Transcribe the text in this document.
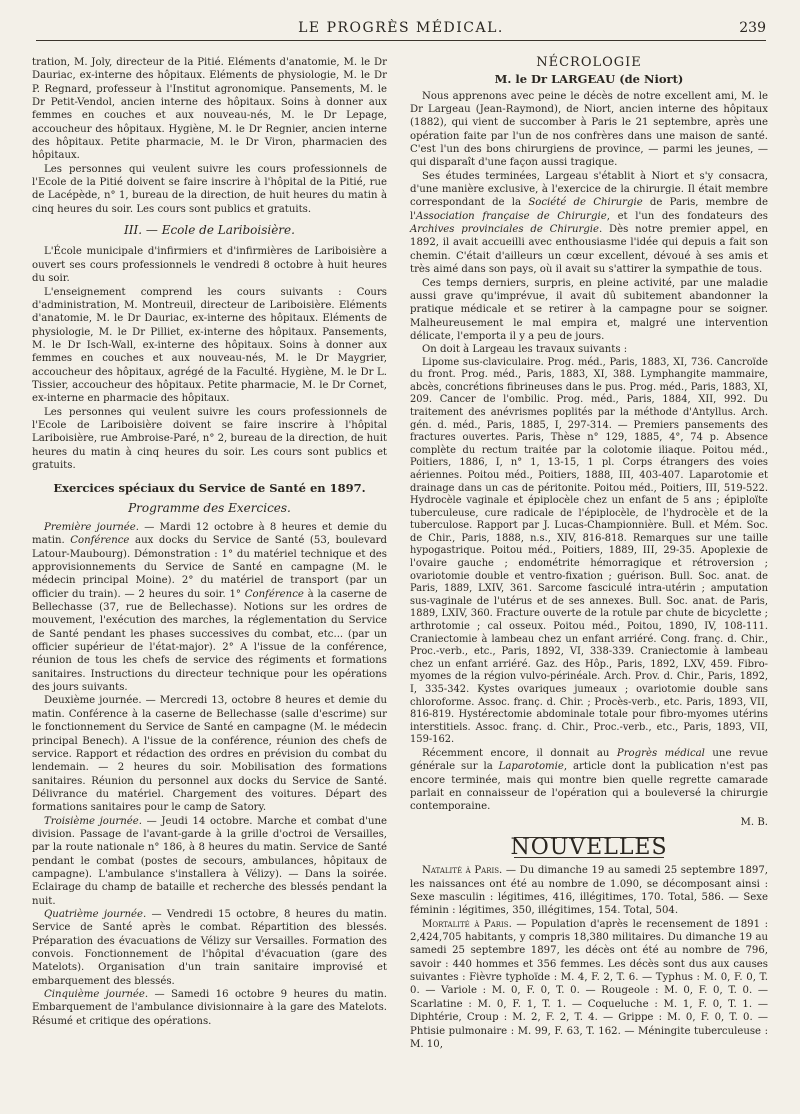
LE PROGRÈS MÉDICAL.	239

tration, M. Joly, directeur de la Pitié. Eléments d'anatomie, M. le Dr Dauriac, ex-interne des hôpitaux. Eléments de physiologie, M. le Dr P. Regnard, professeur à l'Institut agronomique. Pansements, M. le Dr Petit-Vendol, ancien interne des hôpitaux. Soins à donner aux femmes en couches et aux nouveau-nés, M. le Dr Lepage, accoucheur des hôpitaux. Hygiène, M. le Dr Regnier, ancien interne des hôpitaux. Petite pharmacie, M. le Dr Viron, pharmacien des hôpitaux.

Les personnes qui veulent suivre les cours professionnels de l'Ecole de la Pitié doivent se faire inscrire à l'hôpital de la Pitié, rue de Lacépède, n° 1, bureau de la direction, de huit heures du matin à cinq heures du soir. Les cours sont publics et gratuits.

III. — Ecole de Lariboisière.

L'École municipale d'infirmiers et d'infirmières de Lariboisière a ouvert ses cours professionnels le vendredi 8 octobre à huit heures du soir.

L'enseignement comprend les cours suivants : Cours d'administration, M. Montreuil, directeur de Lariboisière. Eléments d'anatomie, M. le Dr Dauriac, ex-interne des hôpitaux. Eléments de physiologie, M. le Dr Pilliet, ex-interne des hôpitaux. Pansements, M. le Dr Isch-Wall, ex-interne des hôpitaux. Soins à donner aux femmes en couches et aux nouveau-nés, M. le Dr Maygrier, accoucheur des hôpitaux, agrégé de la Faculté. Hygiène, M. le Dr L. Tissier, accoucheur des hôpitaux. Petite pharmacie, M. le Dr Cornet, ex-interne en pharmacie des hôpitaux.

Les personnes qui veulent suivre les cours professionnels de l'Ecole de Lariboisière doivent se faire inscrire à l'hôpital Lariboisière, rue Ambroise-Paré, n° 2, bureau de la direction, de huit heures du matin à cinq heures du soir. Les cours sont publics et gratuits.

Exercices spéciaux du Service de Santé en 1897.

Programme des Exercices.

Première journée. — Mardi 12 octobre à 8 heures et demie du matin. Conférence aux docks du Service de Santé (53, boulevard Latour-Maubourg). Démonstration : 1° du matériel technique et des approvisionnements du Service de Santé en campagne (M. le médecin principal Moine). 2° du matériel de transport (par un officier du train). — 2 heures du soir. 1° Conférence à la caserne de Bellechasse (37, rue de Bellechasse). Notions sur les ordres de mouvement, l'exécution des marches, la réglementation du Service de Santé pendant les phases successives du combat, etc... (par un officier supérieur de l'état-major). 2° A l'issue de la conférence, réunion de tous les chefs de service des régiments et formations sanitaires. Instructions du directeur technique pour les opérations des jours suivants.

Deuxième journée. — Mercredi 13, octobre 8 heures et demie du matin. Conférence à la caserne de Bellechasse (salle d'escrime) sur le fonctionnement du Service de Santé en campagne (M. le médecin principal Benech). A l'issue de la conférence, réunion des chefs de service. Rapport et rédaction des ordres en prévision du combat du lendemain. — 2 heures du soir. Mobilisation des formations sanitaires. Réunion du personnel aux docks du Service de Santé. Délivrance du matériel. Chargement des voitures. Départ des formations sanitaires pour le camp de Satory.

Troisième journée. — Jeudi 14 octobre. Marche et combat d'une division. Passage de l'avant-garde à la grille d'octroi de Versailles, par la route nationale n° 186, à 8 heures du matin. Service de Santé pendant le combat (postes de secours, ambulances, hôpitaux de campagne). L'ambulance s'installera à Vélizy). — Dans la soirée. Eclairage du champ de bataille et recherche des blessés pendant la nuit.

Quatrième journée. — Vendredi 15 octobre, 8 heures du matin. Service de Santé après le combat. Répartition des blessés. Préparation des évacuations de Vélizy sur Versailles. Formation des convois. Fonctionnement de l'hôpital d'évacuation (gare des Matelots). Organisation d'un train sanitaire improvisé et embarquement des blessés.

Cinquième journée. — Samedi 16 octobre 9 heures du matin. Embarquement de l'ambulance divisionnaire à la gare des Matelots. Résumé et critique des opérations.

NÉCROLOGIE

M. le Dr LARGEAU (de Niort)

Nous apprenons avec peine le décès de notre excellent ami, M. le Dr Largeau (Jean-Raymond), de Niort, ancien interne des hôpitaux (1882), qui vient de succomber à Paris le 21 septembre, après une opération faite par l'un de nos confrères dans une maison de santé. C'est l'un des bons chirurgiens de province, — parmi les jeunes, — qui disparaît d'une façon aussi tragique.

Ses études terminées, Largeau s'établit à Niort et s'y consacra, d'une manière exclusive, à l'exercice de la chirurgie. Il était membre correspondant de la Société de Chirurgie de Paris, membre de l'Association française de Chirurgie, et l'un des fondateurs des Archives provinciales de Chirurgie. Dès notre premier appel, en 1892, il avait accueilli avec enthousiasme l'idée qui depuis a fait son chemin. C'était d'ailleurs un cœur excellent, dévoué à ses amis et très aimé dans son pays, où il avait su s'attirer la sympathie de tous.

Ces temps derniers, surpris, en pleine activité, par une maladie aussi grave qu'imprévue, il avait dû subitement abandonner la pratique médicale et se retirer à la campagne pour se soigner. Malheureusement le mal empira et, malgré une intervention délicate, l'emporta il y a peu de jours.

On doit à Largeau les travaux suivants :

Lipome sus-claviculaire. Prog. méd., Paris, 1883, XI, 736. Cancroïde du front. Prog. méd., Paris, 1883, XI, 388. Lymphangite mammaire, abcès, concrétions fibrineuses dans le pus. Prog. méd., Paris, 1883, XI, 209. Cancer de l'ombilic. Prog. méd., Paris, 1884, XII, 992. Du traitement des anévrismes poplités par la méthode d'Antyllus. Arch. gén. d. méd., Paris, 1885, I, 297-314. — Premiers pansements des fractures ouvertes. Paris, Thèse n° 129, 1885, 4°, 74 p. Absence complète du rectum traitée par la colotomie iliaque. Poitou méd., Poitiers, 1886, I, n° 1, 13-15, 1 pl. Corps étrangers des voies aériennes. Poitou méd., Poitiers, 1888, III, 403-407. Laparotomie et drainage dans un cas de péritonite. Poitou méd., Poitiers, III, 519-522. Hydrocèle vaginale et épiplocèle chez un enfant de 5 ans ; épiploïte tuberculeuse, cure radicale de l'épiplocèle, de l'hydrocèle et de la tuberculose. Rapport par J. Lucas-Championnière. Bull. et Mém. Soc. de Chir., Paris, 1888, n.s., XIV, 816-818. Remarques sur une taille hypogastrique. Poitou méd., Poitiers, 1889, III, 29-35. Apoplexie de l'ovaire gauche ; endométrite hémorragique et rétroversion ; ovariotomie double et ventro-fixation ; guérison. Bull. Soc. anat. de Paris, 1889, LXIV, 361. Sarcome fasciculé intra-utérin ; amputation sus-vaginale de l'utérus et de ses annexes. Bull. Soc. anat. de Paris, 1889, LXIV, 360. Fracture ouverte de la rotule par chute de bicyclette ; arthrotomie ; cal osseux. Poitou méd., Poitou, 1890, IV, 108-111. Craniectomie à lambeau chez un enfant arriéré. Cong. franç. d. Chir., Proc.-verb., etc., Paris, 1892, VI, 338-339. Craniectomie à lambeau chez un enfant arriéré. Gaz. des Hôp., Paris, 1892, LXV, 459. Fibro-myomes de la région vulvo-périnéale. Arch. Prov. d. Chir., Paris, 1892, I, 335-342. Kystes ovariques jumeaux ; ovariotomie double sans chloroforme. Assoc. franç. d. Chir. ; Procès-verb., etc. Paris, 1893, VII, 816-819. Hystérectomie abdominale totale pour fibro-myomes utérins interstitiels. Assoc. franç. d. Chir., Proc.-verb., etc., Paris, 1893, VII, 159-162.

Récemment encore, il donnait au Progrès médical une revue générale sur la Laparotomie, article dont la publication n'est pas encore terminée, mais qui montre bien quelle regrette camarade parlait en connaisseur de l'opération qui a bouleversé la chirurgie contemporaine.

M. B.

NOUVELLES

Natalité à Paris. — Du dimanche 19 au samedi 25 septembre 1897, les naissances ont été au nombre de 1.090, se décomposant ainsi : Sexe masculin : légitimes, 416, illégitimes, 170. Total, 586. — Sexe féminin : légitimes, 350, illégitimes, 154. Total, 504.

Mortalité à Paris. — Population d'après le recensement de 1891 : 2,424,705 habitants, y compris 18,380 militaires. Du dimanche 19 au samedi 25 septembre 1897, les décès ont été au nombre de 796, savoir : 440 hommes et 356 femmes. Les décès sont dus aux causes suivantes : Fièvre typhoïde : M. 4, F. 2, T. 6. — Typhus : M. 0, F. 0, T. 0. — Variole : M. 0, F. 0, T. 0. — Rougeole : M. 0, F. 0, T. 0. — Scarlatine : M. 0, F. 1, T. 1. — Coqueluche : M. 1, F. 0, T. 1. — Diphtérie, Croup : M. 2, F. 2, T. 4. — Grippe : M. 0, F. 0, T. 0. — Phtisie pulmonaire : M. 99, F. 63, T. 162. — Méningite tuberculeuse : M. 10,
